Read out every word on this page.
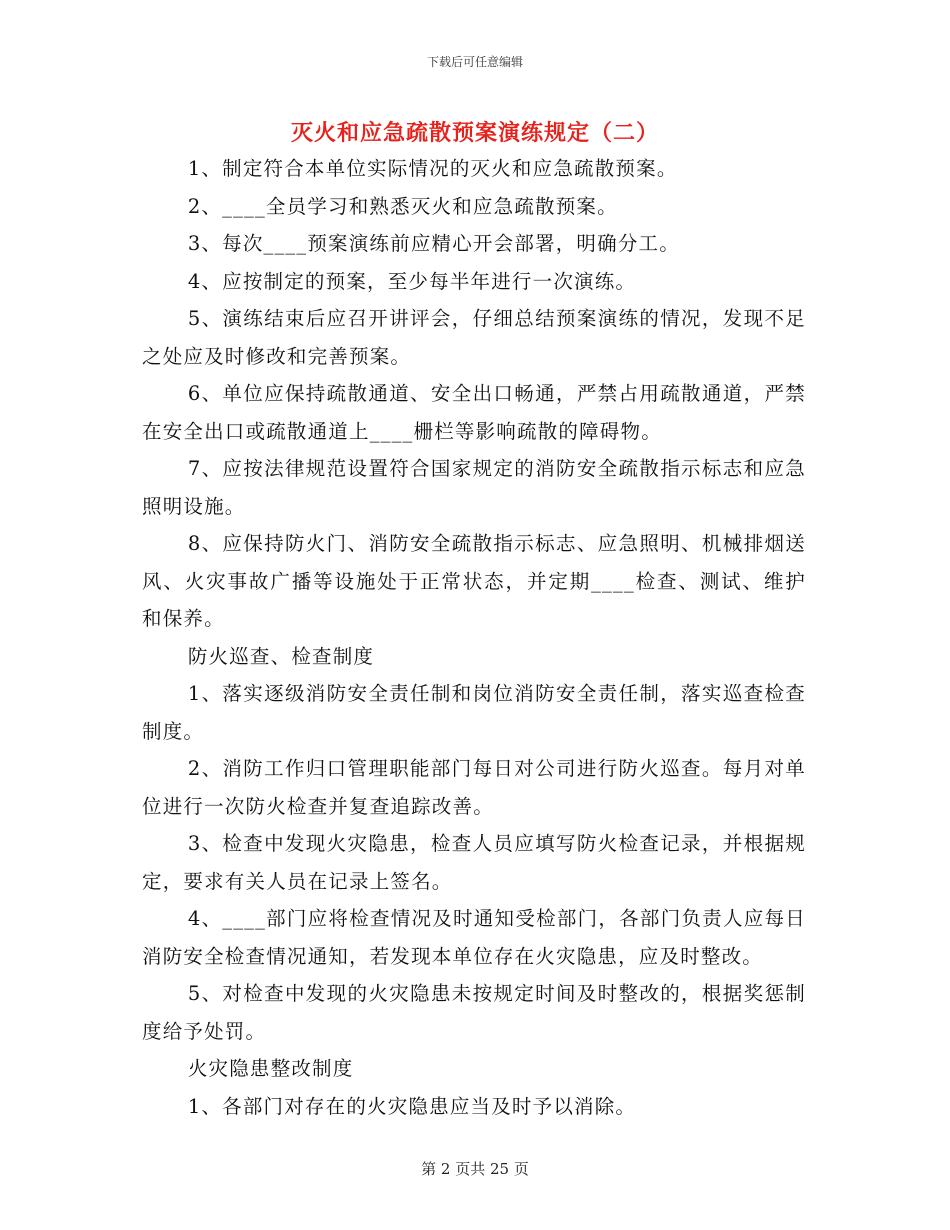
下载后可任意编辑
灭火和应急疏散预案演练规定（二）

1、制定符合本单位实际情况的灭火和应急疏散预案。

2、____全员学习和熟悉灭火和应急疏散预案。

3、每次____预案演练前应精心开会部署，明确分工。

4、应按制定的预案，至少每半年进行一次演练。

5、演练结束后应召开讲评会，仔细总结预案演练的情况，发现不足之处应及时修改和完善预案。

6、单位应保持疏散通道、安全出口畅通，严禁占用疏散通道，严禁在安全出口或疏散通道上____栅栏等影响疏散的障碍物。

7、应按法律规范设置符合国家规定的消防安全疏散指示标志和应急照明设施。

8、应保持防火门、消防安全疏散指示标志、应急照明、机械排烟送风、火灾事故广播等设施处于正常状态，并定期____检查、测试、维护和保养。

防火巡查、检查制度

1、落实逐级消防安全责任制和岗位消防安全责任制，落实巡查检查制度。

2、消防工作归口管理职能部门每日对公司进行防火巡查。每月对单位进行一次防火检查并复查追踪改善。

3、检查中发现火灾隐患，检查人员应填写防火检查记录，并根据规定，要求有关人员在记录上签名。

4、____部门应将检查情况及时通知受检部门，各部门负责人应每日消防安全检查情况通知，若发现本单位存在火灾隐患，应及时整改。

5、对检查中发现的火灾隐患未按规定时间及时整改的，根据奖惩制度给予处罚。

火灾隐患整改制度

1、各部门对存在的火灾隐患应当及时予以消除。

第 2 页共 25 页
